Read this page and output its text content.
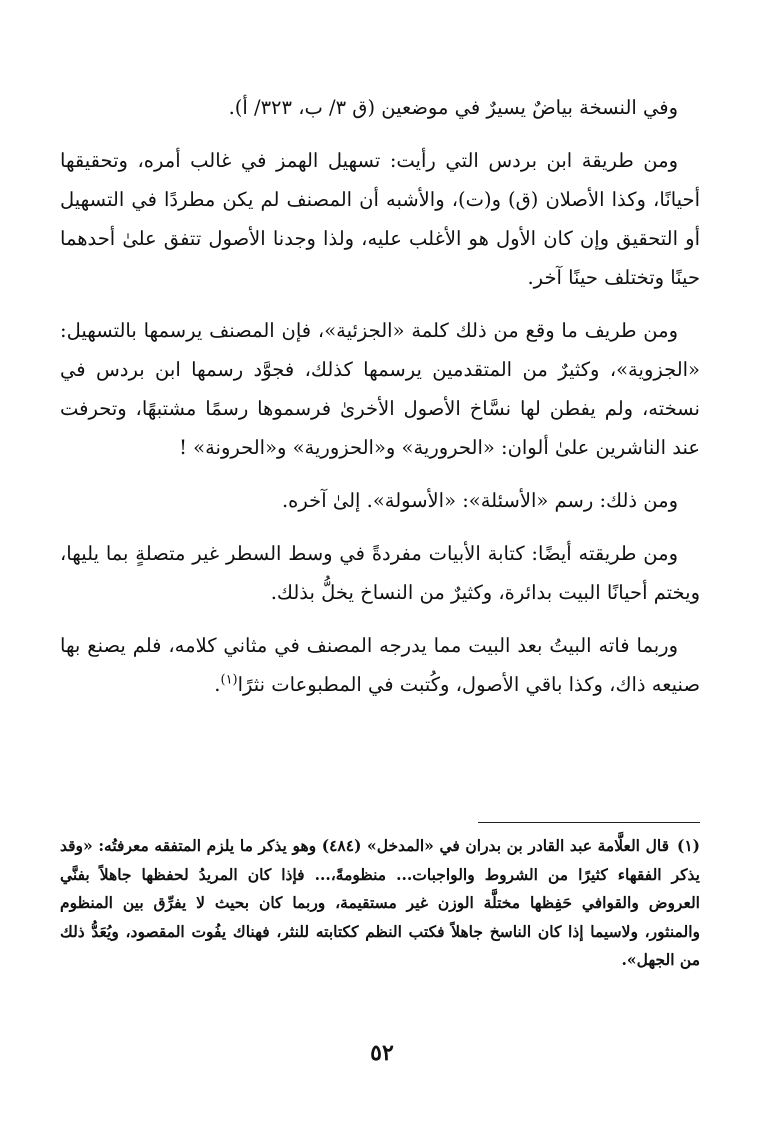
وفي النسخة بياضٌ يسيرٌ في موضعين (ق ٣/ ب، ٣٢٣/ أ).

ومن طريقة ابن بردس التي رأيت: تسهيل الهمز في غالب أمره، وتحقيقها أحيانًا، وكذا الأصلان (ق) و(ت)، والأشبه أن المصنف لم يكن مطردًا في التسهيل أو التحقيق وإن كان الأول هو الأغلب عليه، ولذا وجدنا الأصول تتفق علىٰ أحدهما حينًا وتختلف حينًا آخر.

ومن طريف ما وقع من ذلك كلمة «الجزئية»، فإن المصنف يرسمها بالتسهيل: «الجزوية»، وكثيرٌ من المتقدمين يرسمها كذلك، فجوَّد رسمها ابن بردس في نسخته، ولم يفطن لها نسَّاخ الأصول الأخرىٰ فرسموها رسمًا مشتبهًا، وتحرفت عند الناشرين علىٰ ألوان: «الحرورية» و«الحزورية» و«الحرونة» !

ومن ذلك: رسم «الأسئلة»: «الأسولة». إلىٰ آخره.

ومن طريقته أيضًا: كتابة الأبيات مفردةً في وسط السطر غير متصلةٍ بما يليها، ويختم أحيانًا البيت بدائرة، وكثيرٌ من النساخ يخلُّ بذلك.

وربما فاته البيتُ بعد البيت مما يدرجه المصنف في مثاني كلامه، فلم يصنع بها صنيعه ذاك، وكذا باقي الأصول، وكُتبت في المطبوعات نثرًا$^{(١)}$.

(١)قال العلَّامة عبد القادر بن بدران في «المدخل» (٤٨٤) وهو يذكر ما يلزم المتفقه معرفتُه: «وقد يذكر الفقهاء كثيرًا من الشروط والواجبات... منظومةً،... فإذا كان المريدُ لحفظها جاهلاً بفنَّي العروض والقوافي حَفِظها مختلَّة الوزن غير مستقيمة، وربما كان بحيث لا يفرِّق بين المنظوم والمنثور، ولاسيما إذا كان الناسخ جاهلاً فكتب النظم ككتابته للنثر، فهناك يفُوت المقصود، ويُعَدُّ ذلك من الجهل».

٥٢
